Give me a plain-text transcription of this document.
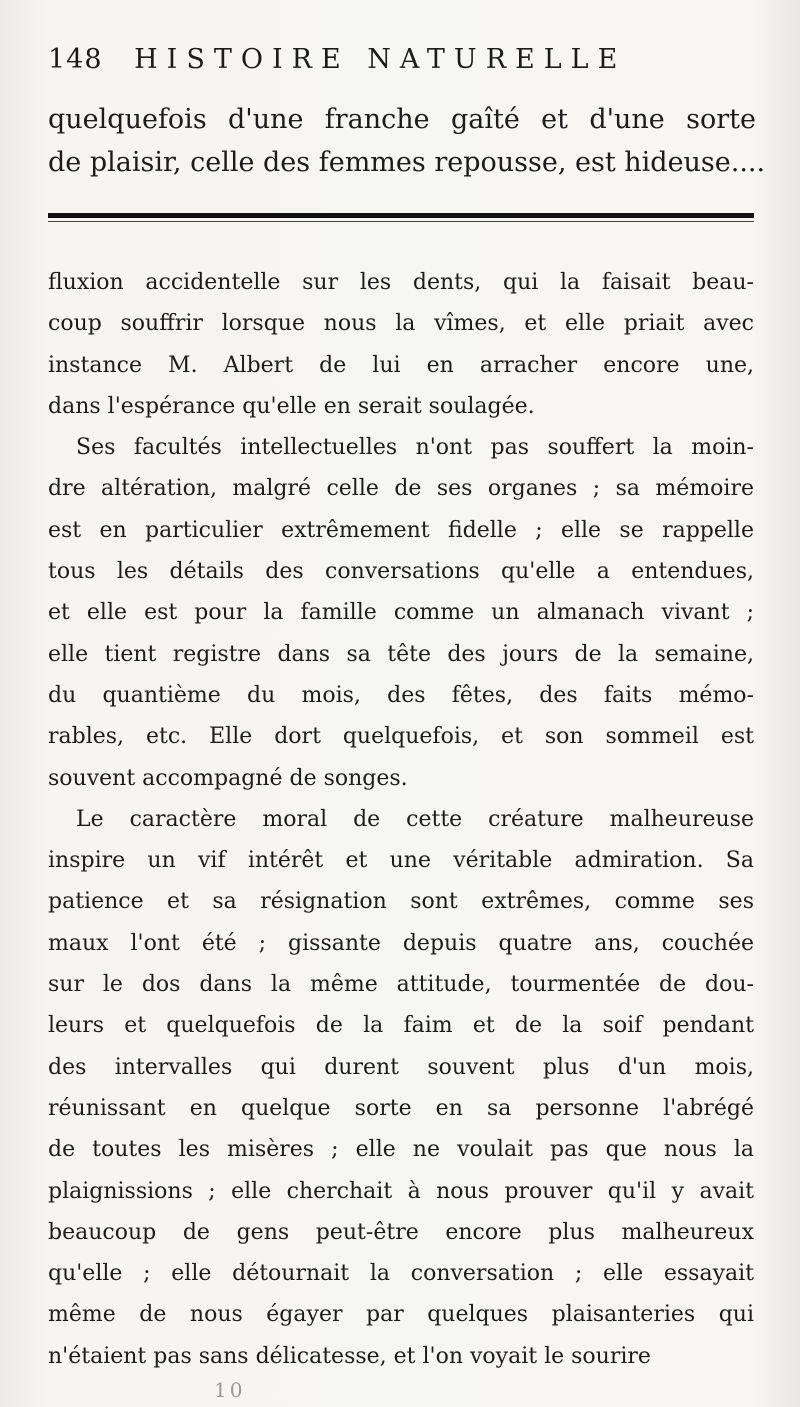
148 HISTOIRE NATURELLE
quelquefois d'une franche gaîté et d'une sorte
de plaisir, celle des femmes repousse, est hideuse....

fluxion accidentelle sur les dents, qui la faisait beau-
coup souffrir lorsque nous la vîmes, et elle priait avec
instance M. Albert de lui en arracher encore une,
dans l'espérance qu'elle en serait soulagée.

Ses facultés intellectuelles n'ont pas souffert la moin-
dre altération, malgré celle de ses organes ; sa mémoire
est en particulier extrêmement fidelle ; elle se rappelle
tous les détails des conversations qu'elle a entendues,
et elle est pour la famille comme un almanach vivant ;
elle tient registre dans sa tête des jours de la semaine,
du quantième du mois, des fêtes, des faits mémo-
rables, etc. Elle dort quelquefois, et son sommeil est
souvent accompagné de songes.

Le caractère moral de cette créature malheureuse
inspire un vif intérêt et une véritable admiration. Sa
patience et sa résignation sont extrêmes, comme ses
maux l'ont été ; gissante depuis quatre ans, couchée
sur le dos dans la même attitude, tourmentée de dou-
leurs et quelquefois de la faim et de la soif pendant
des intervalles qui durent souvent plus d'un mois,
réunissant en quelque sorte en sa personne l'abrégé
de toutes les misères ; elle ne voulait pas que nous la
plaignissions ; elle cherchait à nous prouver qu'il y avait
beaucoup de gens peut-être encore plus malheureux
qu'elle ; elle détournait la conversation ; elle essayait
même de nous égayer par quelques plaisanteries qui
n'étaient pas sans délicatesse, et l'on voyait le sourire

10
